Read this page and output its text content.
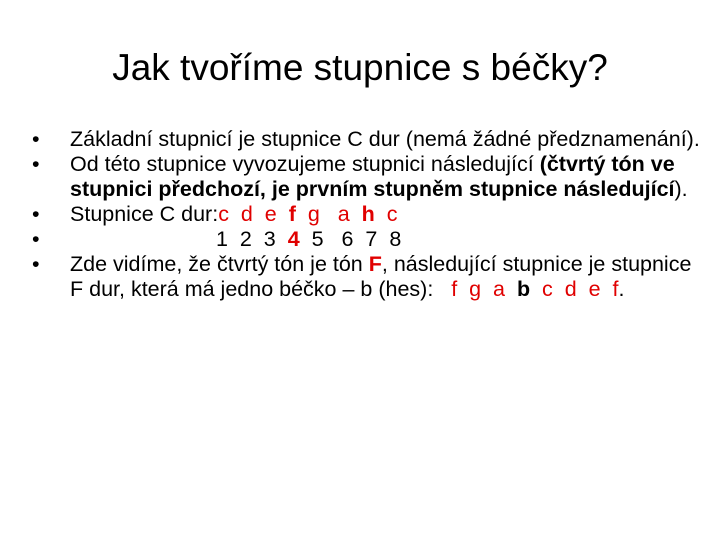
Jak tvoříme stupnice s béčky?
• Základní stupnicí je stupnice C dur (nemá žádné předznamenání).
• Od této stupnice vyvozujeme stupnici následující (čtvrtý tón ve stupnici předchozí, je prvním stupněm stupnice následující).
• Stupnice C dur:c  d  e  f  g   a  h  c
•	1  2  3  4  5   6  7  8
• Zde vidíme, že čtvrtý tón je tón F, následující stupnice je stupnice F dur, která má jedno béčko – b (hes):   f  g  a  b  c  d  e  f.
